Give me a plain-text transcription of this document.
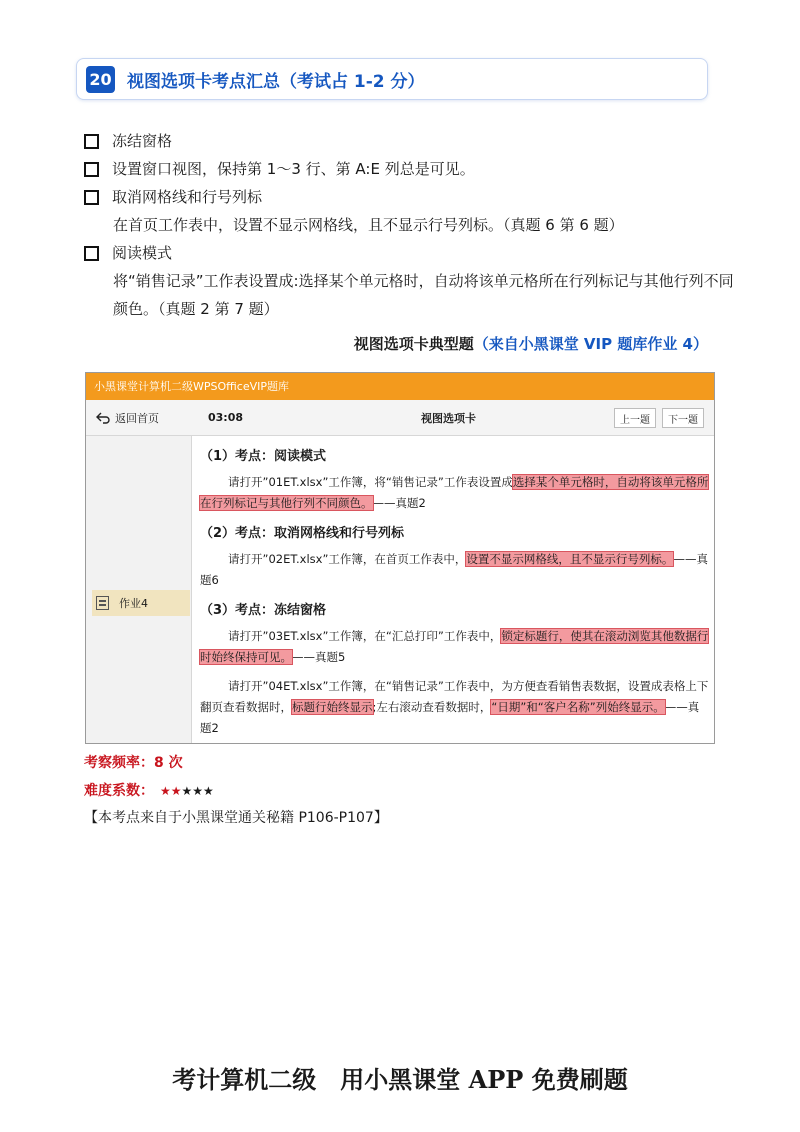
20 视图选项卡考点汇总（考试占 1-2 分）
冻结窗格
设置窗口视图，保持第 1～3 行、第 A:E 列总是可见。
取消网格线和行号列标
在首页工作表中，设置不显示网格线，且不显示行号列标。（真题 6 第 6 题）
阅读模式
将“销售记录”工作表设置成:选择某个单元格时，自动将该单元格所在行列标记与其他行列不同颜色。（真题 2 第 7 题）
视图选项卡典型题（来自小黑课堂 VIP 题库作业 4）
小黑课堂计算机二级WPSOfficeVIP题库
返回首页	03:08	视图选项卡	上一题	下一题
作业4
（1）考点：阅读模式
请打开”01ET.xlsx”工作簿，将“销售记录”工作表设置成选择某个单元格时，自动将该单元格所在行列标记与其他行列不同颜色。——真题2
（2）考点：取消网格线和行号列标
请打开”02ET.xlsx”工作簿，在首页工作表中，设置不显示网格线，且不显示行号列标。——真题6
（3）考点：冻结窗格
请打开”03ET.xlsx”工作簿，在“汇总打印”工作表中，锁定标题行，使其在滚动浏览其他数据行时始终保持可见。——真题5
请打开”04ET.xlsx”工作簿，在“销售记录”工作表中，为方便查看销售表数据，设置成表格上下翻页查看数据时，标题行始终显示;左右滚动查看数据时，“日期”和“客户名称”列始终显示。——真题2
考察频率：8 次
难度系数： ★★★★★
【本考点来自于小黑课堂通关秘籍 P106-P107】
考计算机二级　用小黑课堂 APP 免费刷题
